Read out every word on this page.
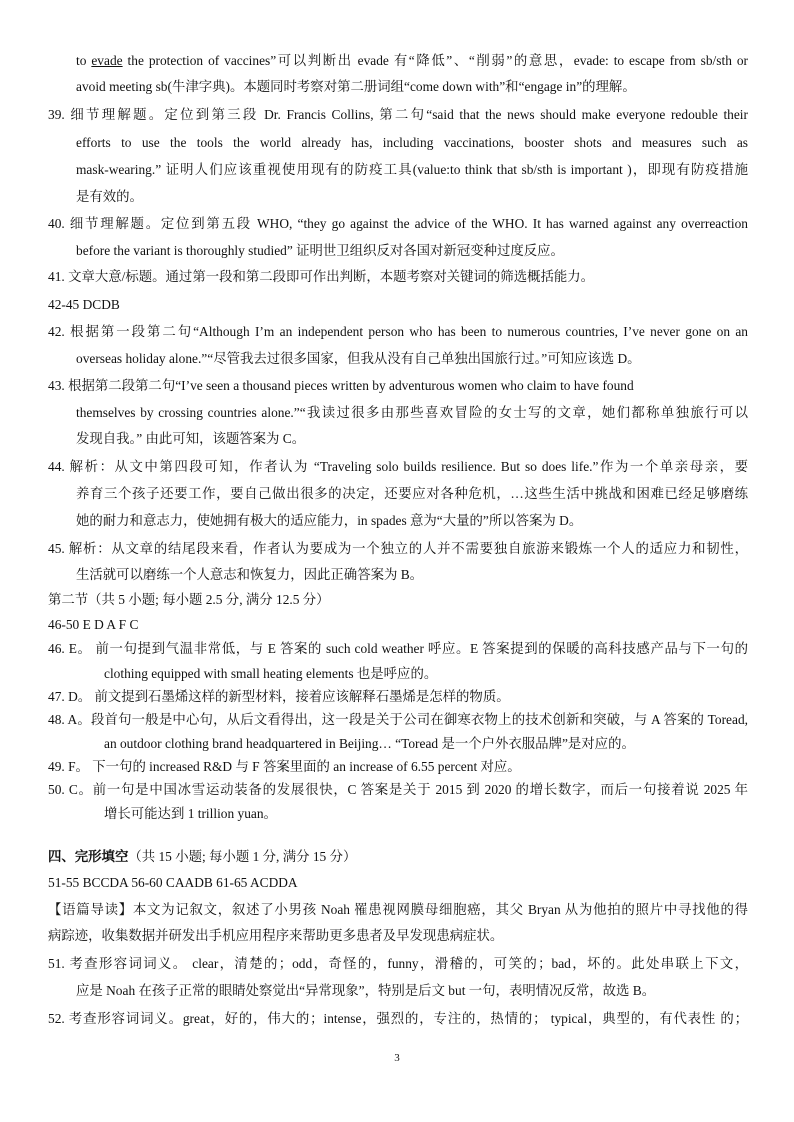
to evade the protection of vaccines”可以判断出 evade 有“降低”、“削弱”的意思，evade: to escape from sb/sth or
avoid meeting sb(牛津字典)。本题同时考察对第二册词组“come down with”和“engage in”的理解。
39. 细节理解题。定位到第三段 Dr. Francis Collins, 第二句“said that the news should make everyone redouble their
efforts to use the tools the world already has, including vaccinations, booster shots and measures such as
mask-wearing.” 证明人们应该重视使用现有的防疫工具(value:to think that sb/sth is important )，即现有防疫措施
是有效的。
40. 细节理解题。定位到第五段 WHO, “they go against the advice of the WHO. It has warned against any overreaction
before the variant is thoroughly studied” 证明世卫组织反对各国对新冠变种过度反应。
41. 文章大意/标题。通过第一段和第二段即可作出判断，本题考察对关键词的筛选概括能力。
42-45 DCDB
42. 根据第一段第二句“Although I’m an independent person who has been to numerous countries, I’ve never gone on an
overseas holiday alone.”“尽管我去过很多国家，但我从没有自己单独出国旅行过。”可知应该选 D。
43. 根据第二段第二句“I’ve seen a thousand pieces written by adventurous women who claim to have found
themselves by crossing countries alone.”“我读过很多由那些喜欢冒险的女士写的文章，她们都称单独旅行可以
发现自我。” 由此可知，该题答案为 C。
44. 解析：从文中第四段可知，作者认为 “Traveling solo builds resilience. But so does life.”作为一个单亲母亲，要
养育三个孩子还要工作，要自己做出很多的决定，还要应对各种危机，…这些生活中挑战和困难已经足够磨练
她的耐力和意志力，使她拥有极大的适应能力，in spades 意为“大量的”所以答案为 D。
45. 解析：从文章的结尾段来看，作者认为要成为一个独立的人并不需要独自旅游来锻炼一个人的适应力和韧性，
生活就可以磨练一个人意志和恢复力，因此正确答案为 B。
第二节（共 5 小题; 每小题 2.5 分, 满分 12.5 分）
46-50 E D A F C
46. E。 前一句提到气温非常低，与 E 答案的 such cold weather 呼应。E 答案提到的保暖的高科技感产品与下一句的
clothing equipped with small heating elements 也是呼应的。
47. D。 前文提到石墨烯这样的新型材料，接着应该解释石墨烯是怎样的物质。
48. A。段首句一般是中心句，从后文看得出，这一段是关于公司在御寒衣物上的技术创新和突破，与 A 答案的 Toread,
an outdoor clothing brand headquartered in Beijing… “Toread 是一个户外衣服品牌”是对应的。
49. F。 下一句的 increased R&D 与 F 答案里面的 an increase of 6.55 percent 对应。
50. C。前一句是中国冰雪运动装备的发展很快，C 答案是关于 2015 到 2020 的增长数字，而后一句接着说 2025 年
增长可能达到 1 trillion yuan。
四、完形填空（共 15 小题; 每小题 1 分, 满分 15 分）
51-55 BCCDA 56-60 CAADB 61-65 ACDDA
【语篇导读】本文为记叙文，叙述了小男孩 Noah 罹患视网膜母细胞癌，其父 Bryan 从为他拍的照片中寻找他的得
病踪迹，收集数据并研发出手机应用程序来帮助更多患者及早发现患病症状。
51. 考查形容词词义。 clear，清楚的；odd，奇怪的，funny，滑稽的，可笑的；bad，坏的。此处串联上下文，
应是 Noah 在孩子正常的眼睛处察觉出“异常现象”，特别是后文 but 一句，表明情况反常，故选 B。
52. 考查形容词词义。great，好的，伟大的；intense，强烈的，专注的，热情的； typical，典型的，有代表性 的；
3
